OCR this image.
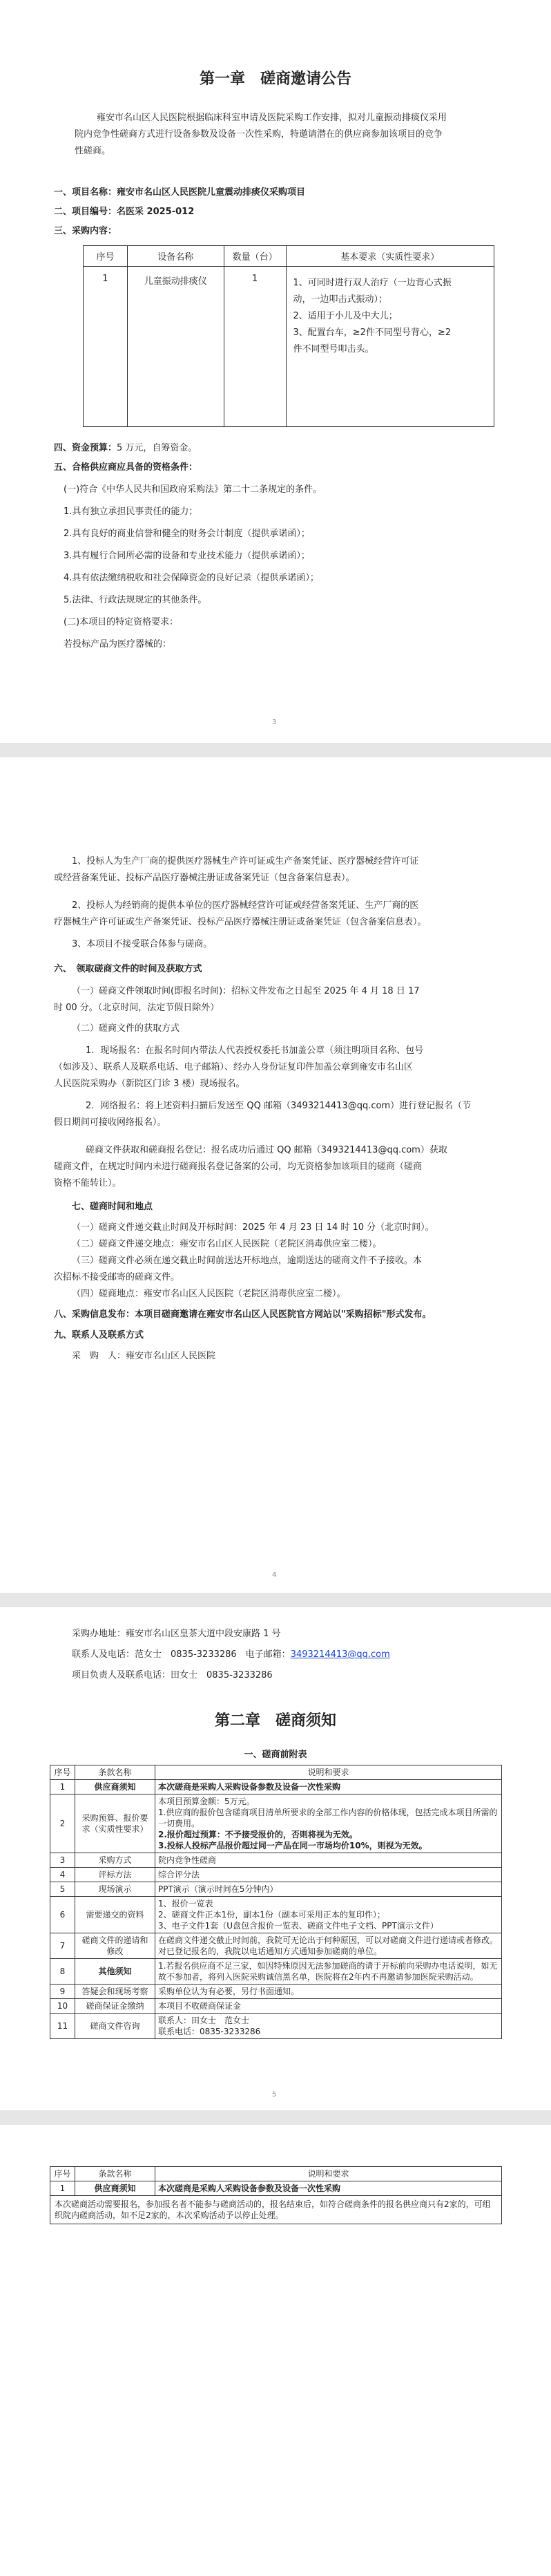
第一章　磋商邀请公告
雍安市名山区人民医院根据临床科室申请及医院采购工作安排，拟对儿童振动排痰仪采用
院内竞争性磋商方式进行设备参数及设备一次性采购，特邀请潜在的供应商参加该项目的竞争
性磋商。
一、项目名称：雍安市名山区人民医院儿童震动排痰仪采购项目
二、项目编号：名医采 2025-012
三、采购内容：
序号	设备名称	数量（台）	基本要求（实质性要求）
1	儿童振动排痰仪	1	1、可同时进行双人治疗（一边背心式振
动，一边叩击式振动）；
2、适用于小儿及中大儿；
3、配置台车，≥2件不同型号背心，≥2
件不同型号叩击头。
四、资金预算：5 万元，自筹资金。
五、合格供应商应具备的资格条件：
(一)符合《中华人民共和国政府采购法》第二十二条规定的条件。
1.具有独立承担民事责任的能力；
2.具有良好的商业信誉和健全的财务会计制度（提供承诺函）；
3.具有履行合同所必需的设备和专业技术能力（提供承诺函）；
4.具有依法缴纳税收和社会保障资金的良好记录（提供承诺函）；
5.法律、行政法规规定的其他条件。
(二)本项目的特定资格要求：
若投标产品为医疗器械的：
3
1、投标人为生产厂商的提供医疗器械生产许可证或生产备案凭证、医疗器械经营许可证
或经营备案凭证、投标产品医疗器械注册证或备案凭证（包含备案信息表）。
2、投标人为经销商的提供本单位的医疗器械经营许可证或经营备案凭证、生产厂商的医
疗器械生产许可证或生产备案凭证、投标产品医疗器械注册证或备案凭证（包含备案信息表）。
3、本项目不接受联合体参与磋商。
六、　领取磋商文件的时间及获取方式
（一）磋商文件领取时间(即报名时间)：招标文件发布之日起至 2025 年 4 月 18 日 17
时 00 分。（北京时间，法定节假日除外）
（二）磋商文件的获取方式
1．现场报名：在报名时间内带法人代表授权委托书加盖公章（须注明项目名称、包号
（如涉及）、联系人及联系电话、电子邮箱）、经办人身份证复印件加盖公章到雍安市名山区
人民医院采购办（新院区门诊 3 楼）现场报名。
2．网络报名：将上述资料扫描后发送至 QQ 邮箱（3493214413@qq.com）进行登记报名（节
假日期间可接收网络报名）。
磋商文件获取和磋商报名登记：报名成功后通过 QQ 邮箱（3493214413@qq.com）获取
磋商文件，在规定时间内未进行磋商报名登记备案的公司，均无资格参加该项目的磋商（磋商
资格不能转让）。
七、磋商时间和地点
（一）磋商文件递交截止时间及开标时间：2025 年 4 月 23 日 14 时 10 分（北京时间）。
（二）磋商文件递交地点：雍安市名山区人民医院（老院区消毒供应室二楼）。
（三）磋商文件必须在递交截止时间前送达开标地点，逾期送达的磋商文件不予接收。本
次招标不接受邮寄的磋商文件。
（四）磋商地点：雍安市名山区人民医院（老院区消毒供应室二楼）。
八、采购信息发布：本项目磋商邀请在雍安市名山区人民医院官方网站以"采购招标"形式发布。
九、联系人及联系方式
采　购　人：雍安市名山区人民医院
4
采购办地址：雍安市名山区皇茶大道中段安康路 1 号
联系人及电话：范女士　0835-3233286　电子邮箱：3493214413@qq.com
项目负责人及联系电话：田女士　0835-3233286
第二章　磋商须知
一、磋商前附表
序号	条款名称	说明和要求
1	供应商须知	本次磋商是采购人采购设备参数及设备一次性采购
2	采购预算、报价要求（实质性要求）	本项目预算金额：5万元。
1.供应商的报价包含磋商项目清单所要求的全部工作内容的价格体现，包括完成本项目所需的一切费用。
2.报价超过预算：不予接受报价的，否则将视为无效。
3.投标人投标产品报价超过同一产品在同一市场均价10%，则视为无效。

3	采购方式	院内竞争性磋商

4	评标方法	综合评分法

5	现场演示	PPT演示（演示时间在5分钟内）

6	需要递交的资料	1、报价一览表
2、磋商文件正本1份，副本1份（副本可采用正本的复印件）；
3、电子文件1套（U盘包含报价一览表、磋商文件电子文档、PPT演示文件）

7	磋商文件的递请和修改	在磋商文件递交截止时间前，我院可无论出于何种原因，可以对磋商文件进行递请或者修改。对已登记报名的，我院以电话通知方式通知参加磋商的单位。

8	其他须知	1.若报名供应商不足三家，如因特殊原因无法参加磋商的请于开标前向采购办电话说明，如无故不参加者，将列入医院采购诚信黑名单，医院将在2年内不再邀请参加医院采购活动。

9	答疑会和现场考察	采购单位认为有必要，另行书面通知。

10	磋商保证金缴纳	本项目不收磋商保证金

11	磋商文件咨询	联系人：田女士　范女士
联系电话：0835-3233286
5
序号	条款名称	说明和要求
1	供应商须知	本次磋商是采购人采购设备参数及设备一次性采购
本次磋商活动需要报名，参加报名者不能参与磋商活动的，报名结束后，如符合磋商条件的报名供应商只有2家的，可组织院内磋商活动，如不足2家的，本次采购活动予以停止处理。		
